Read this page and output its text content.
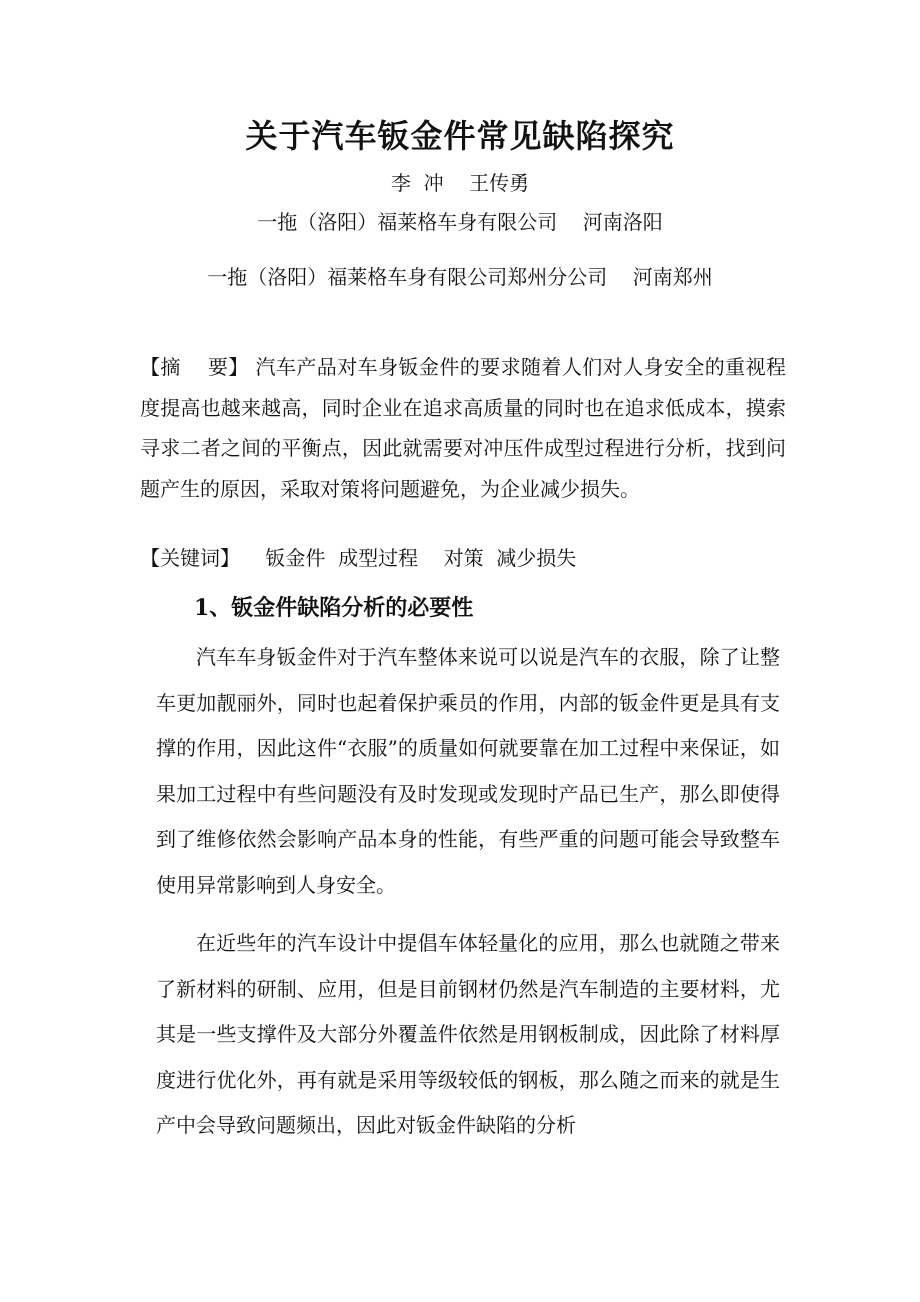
关于汽车钣金件常见缺陷探究
李  冲    王传勇
一拖（洛阳）福莱格车身有限公司    河南洛阳
一拖（洛阳）福莱格车身有限公司郑州分公司    河南郑州
【摘    要】 汽车产品对车身钣金件的要求随着人们对人身安全的重视程度提高也越来越高，同时企业在追求高质量的同时也在追求低成本，摸索寻求二者之间的平衡点，因此就需要对冲压件成型过程进行分析，找到问题产生的原因，采取对策将问题避免，为企业减少损失。
【关键词】    钣金件  成型过程    对策  减少损失
1、钣金件缺陷分析的必要性
汽车车身钣金件对于汽车整体来说可以说是汽车的衣服，除了让整车更加靓丽外，同时也起着保护乘员的作用，内部的钣金件更是具有支撑的作用，因此这件“衣服”的质量如何就要靠在加工过程中来保证，如果加工过程中有些问题没有及时发现或发现时产品已生产，那么即使得到了维修依然会影响产品本身的性能，有些严重的问题可能会导致整车使用异常影响到人身安全。
在近些年的汽车设计中提倡车体轻量化的应用，那么也就随之带来了新材料的研制、应用，但是目前钢材仍然是汽车制造的主要材料，尤其是一些支撑件及大部分外覆盖件依然是用钢板制成，因此除了材料厚度进行优化外，再有就是采用等级较低的钢板，那么随之而来的就是生产中会导致问题频出，因此对钣金件缺陷的分析
